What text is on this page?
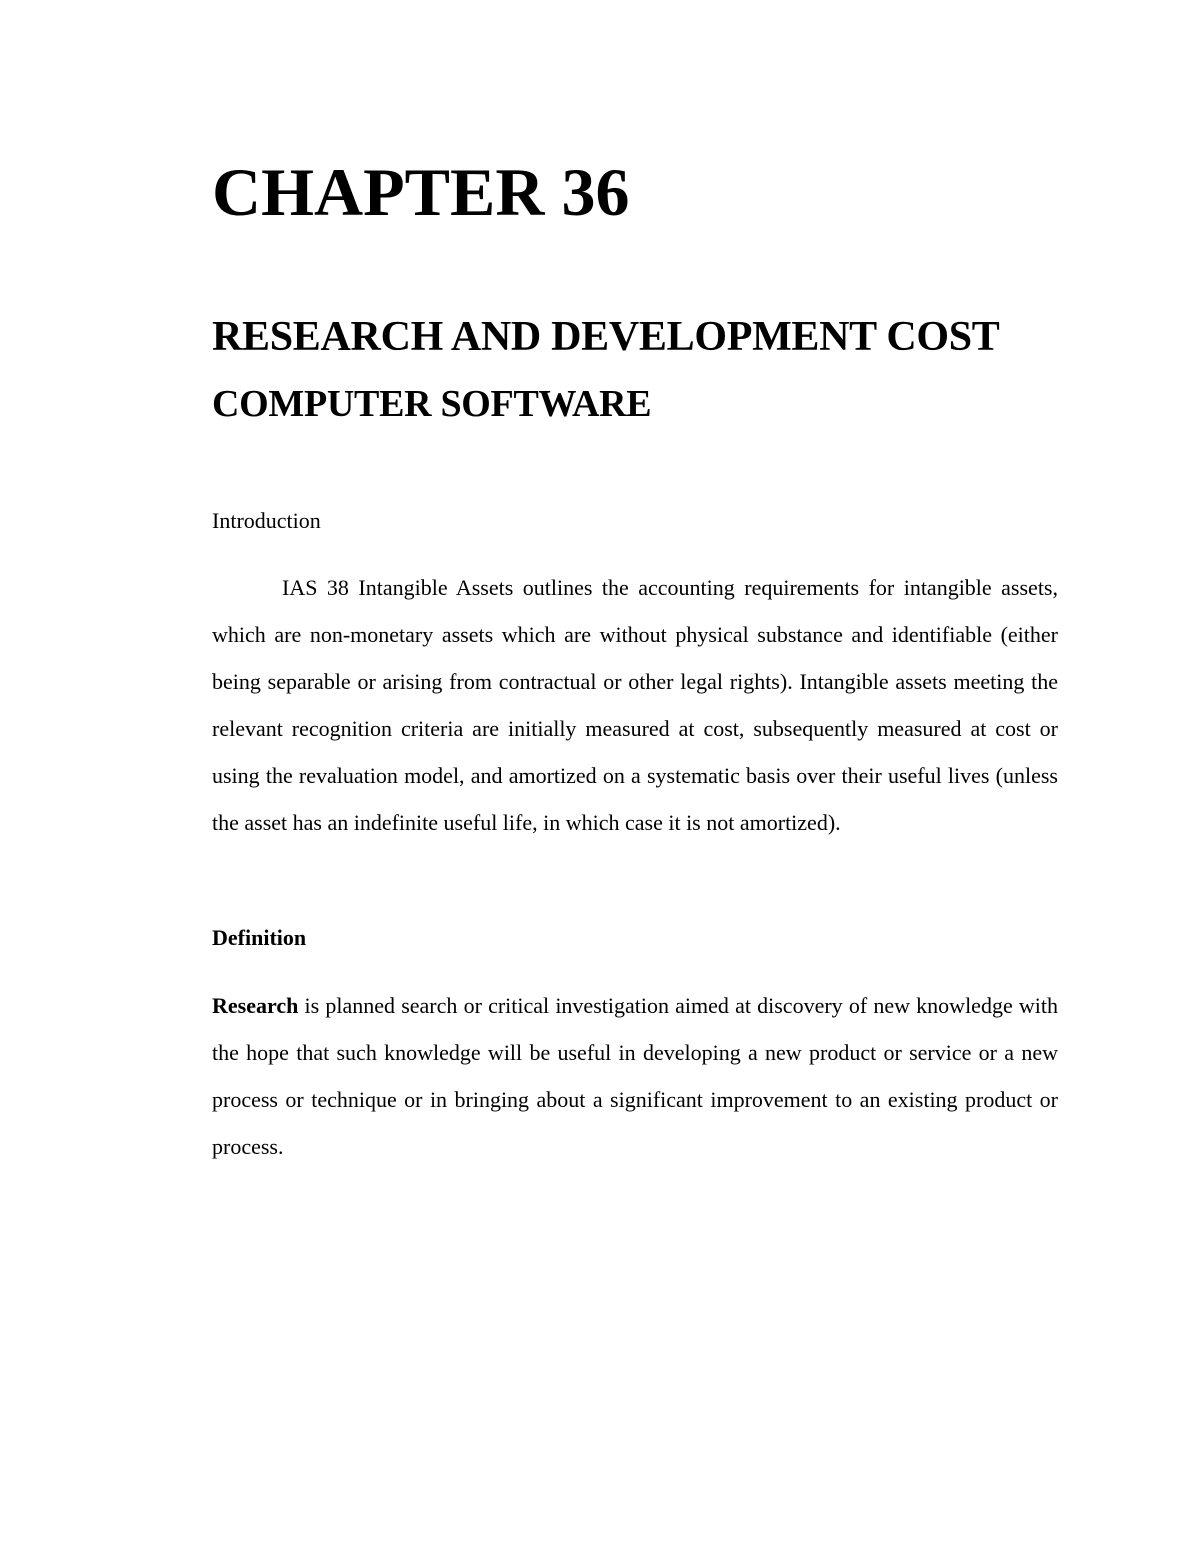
CHAPTER 36
RESEARCH AND DEVELOPMENT COST
COMPUTER SOFTWARE

Introduction

IAS 38 Intangible Assets outlines the accounting requirements for intangible assets, which are non-monetary assets which are without physical substance and identifiable (either being separable or arising from contractual or other legal rights). Intangible assets meeting the relevant recognition criteria are initially measured at cost, subsequently measured at cost or using the revaluation model, and amortized on a systematic basis over their useful lives (unless the asset has an indefinite useful life, in which case it is not amortized).

Definition

Research is planned search or critical investigation aimed at discovery of new knowledge with the hope that such knowledge will be useful in developing a new product or service or a new process or technique or in bringing about a significant improvement to an existing product or process.
